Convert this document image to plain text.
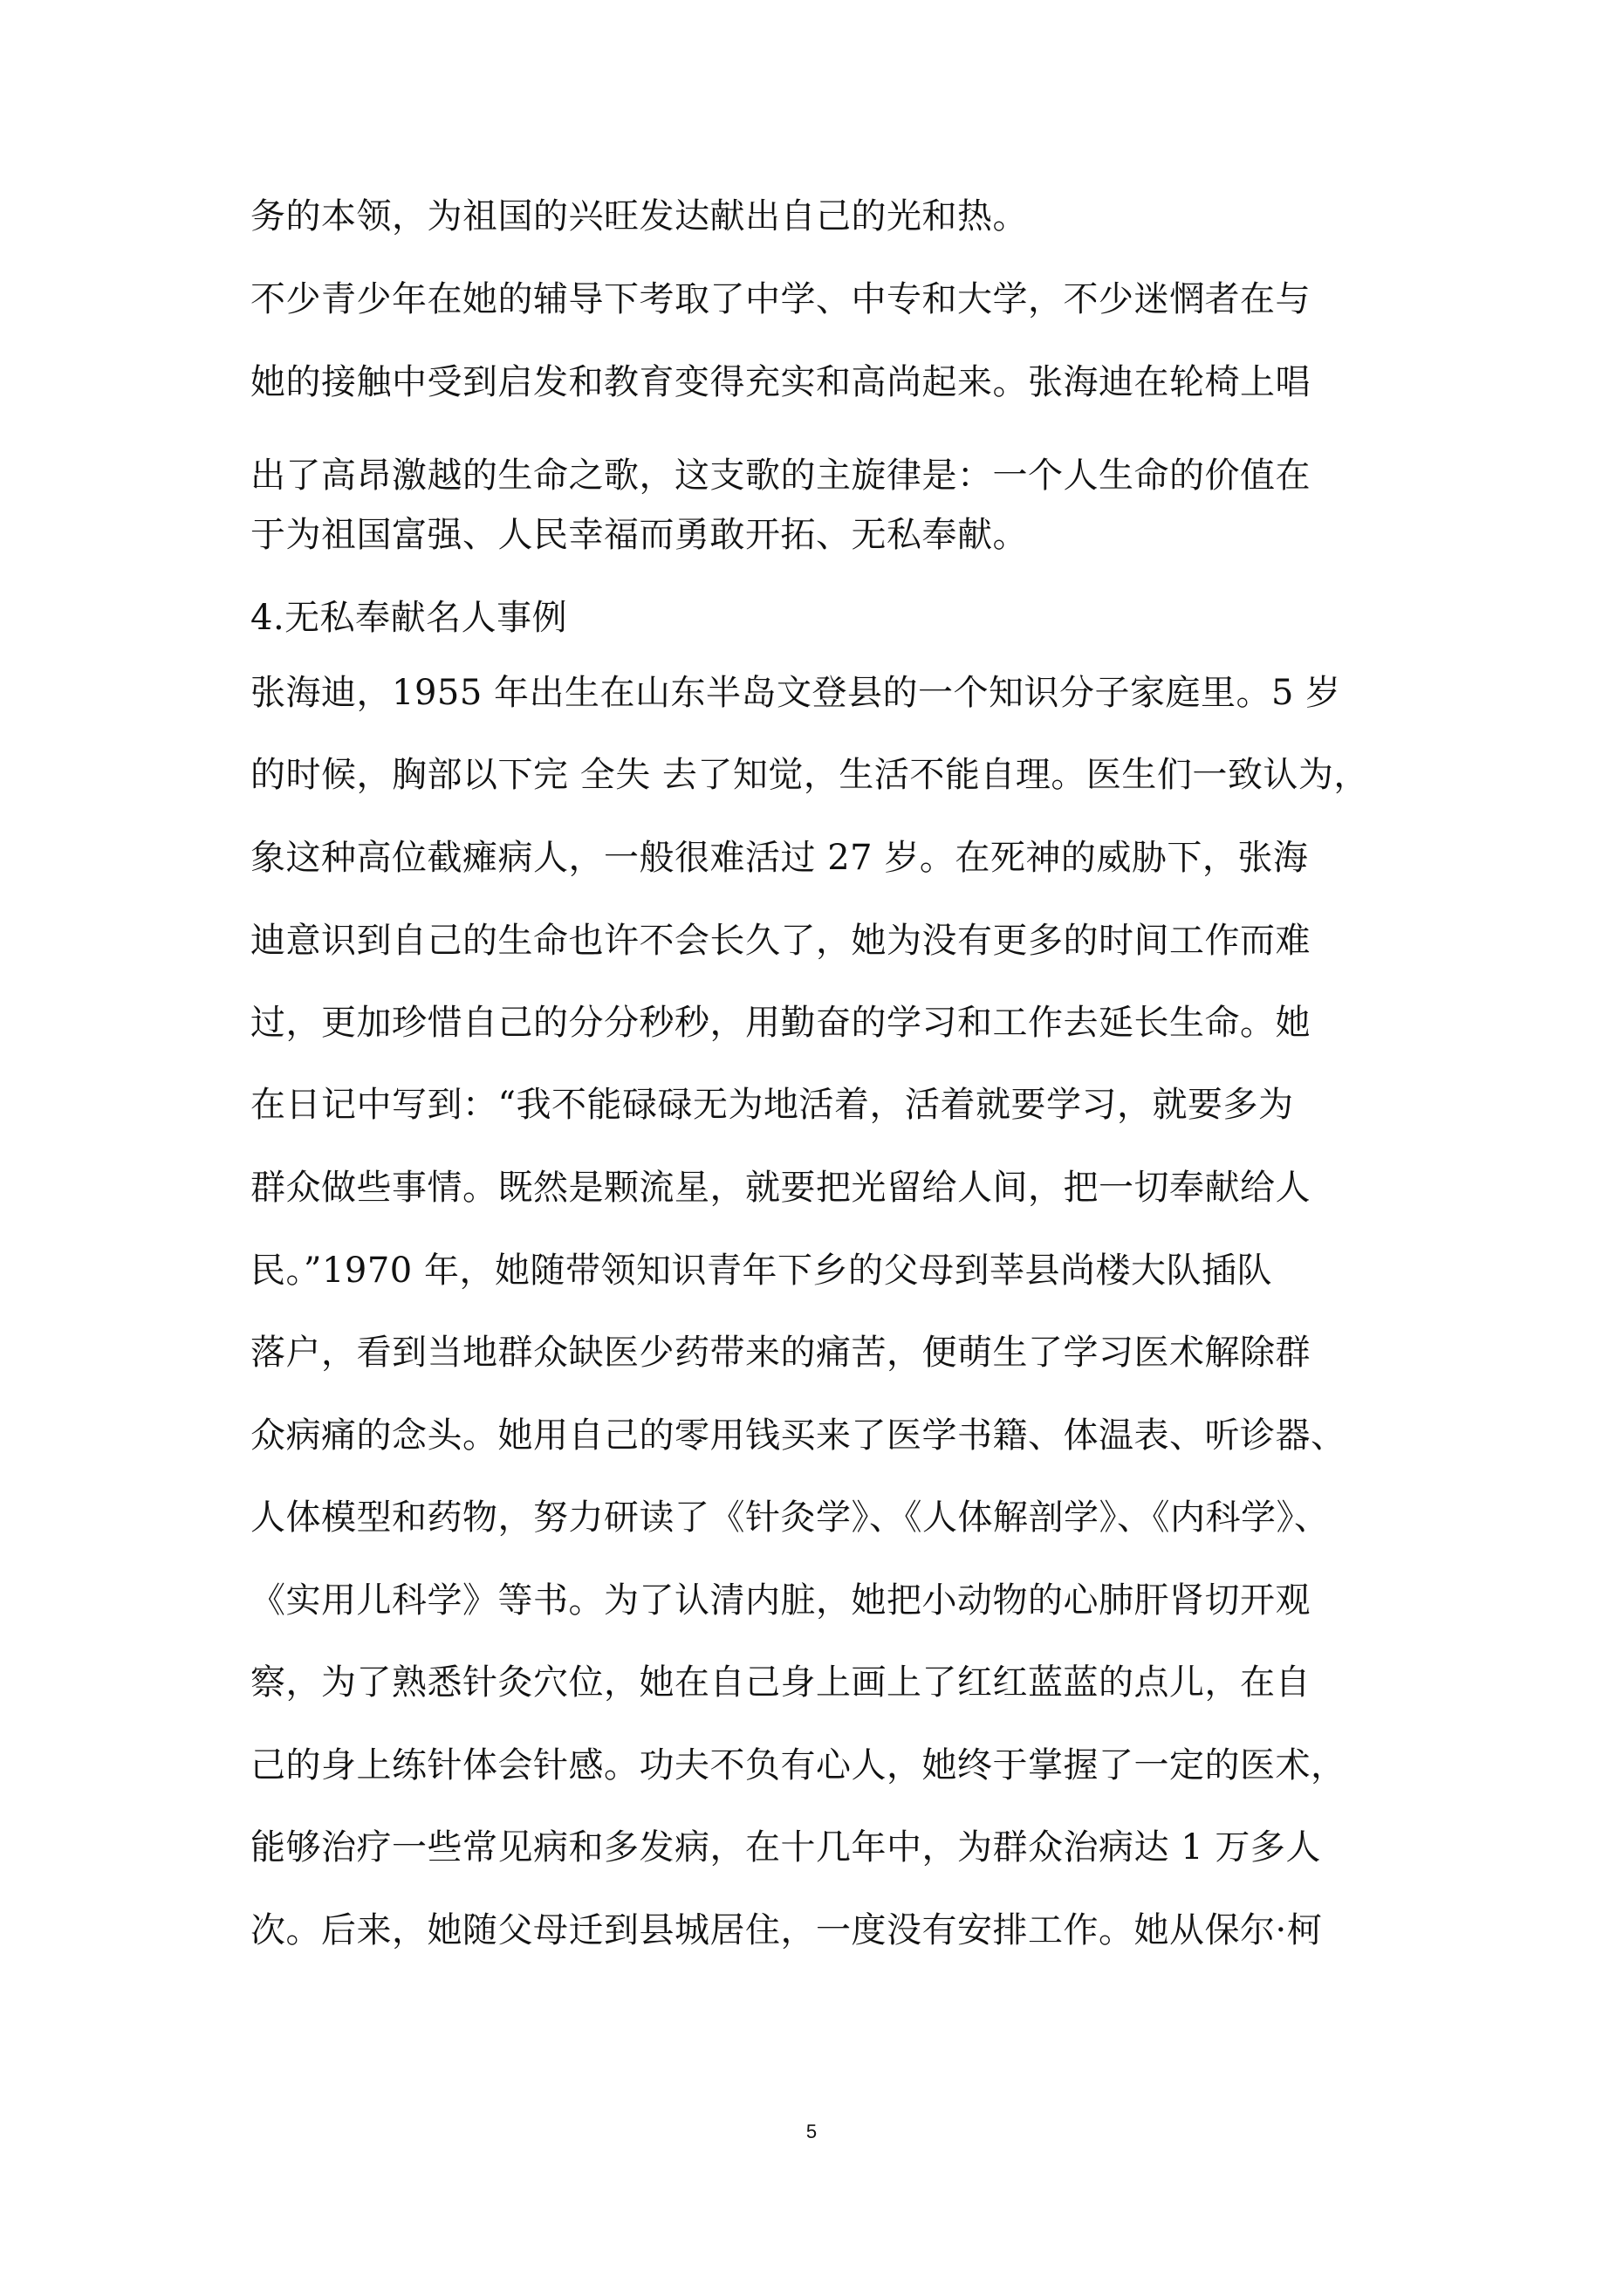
务的本领，为祖国的兴旺发达献出自己的光和热。
不少青少年在她的辅导下考取了中学、中专和大学，不少迷惘者在与
她的接触中受到启发和教育变得充实和高尚起来。张海迪在轮椅上唱
出了高昂激越的生命之歌，这支歌的主旋律是：一个人生命的价值在
于为祖国富强、人民幸福而勇敢开拓、无私奉献。
4.无私奉献名人事例
张海迪，1955 年出生在山东半岛文登县的一个知识分子家庭里。5 岁
的时候，胸部以下完 全失 去了知觉，生活不能自理。医生们一致认为，
象这种高位截瘫病人，一般很难活过 27 岁。在死神的威胁下，张海
迪意识到自己的生命也许不会长久了，她为没有更多的时间工作而难
过，更加珍惜自己的分分秒秒，用勤奋的学习和工作去延长生命。她
在日记中写到：“我不能碌碌无为地活着，活着就要学习，就要多为
群众做些事情。既然是颗流星，就要把光留给人间，把一切奉献给人
民。”1970 年，她随带领知识青年下乡的父母到莘县尚楼大队插队
落户，看到当地群众缺医少药带来的痛苦，便萌生了学习医术解除群
众病痛的念头。她用自己的零用钱买来了医学书籍、体温表、听诊器、
人体模型和药物，努力研读了《针灸学》、《人体解剖学》、《内科学》、
《实用儿科学》等书。为了认清内脏，她把小动物的心肺肝肾切开观
察，为了熟悉针灸穴位，她在自己身上画上了红红蓝蓝的点儿，在自
己的身上练针体会针感。功夫不负有心人，她终于掌握了一定的医术，
能够治疗一些常见病和多发病，在十几年中，为群众治病达 1 万多人
次。后来，她随父母迁到县城居住，一度没有安排工作。她从保尔·柯
5
